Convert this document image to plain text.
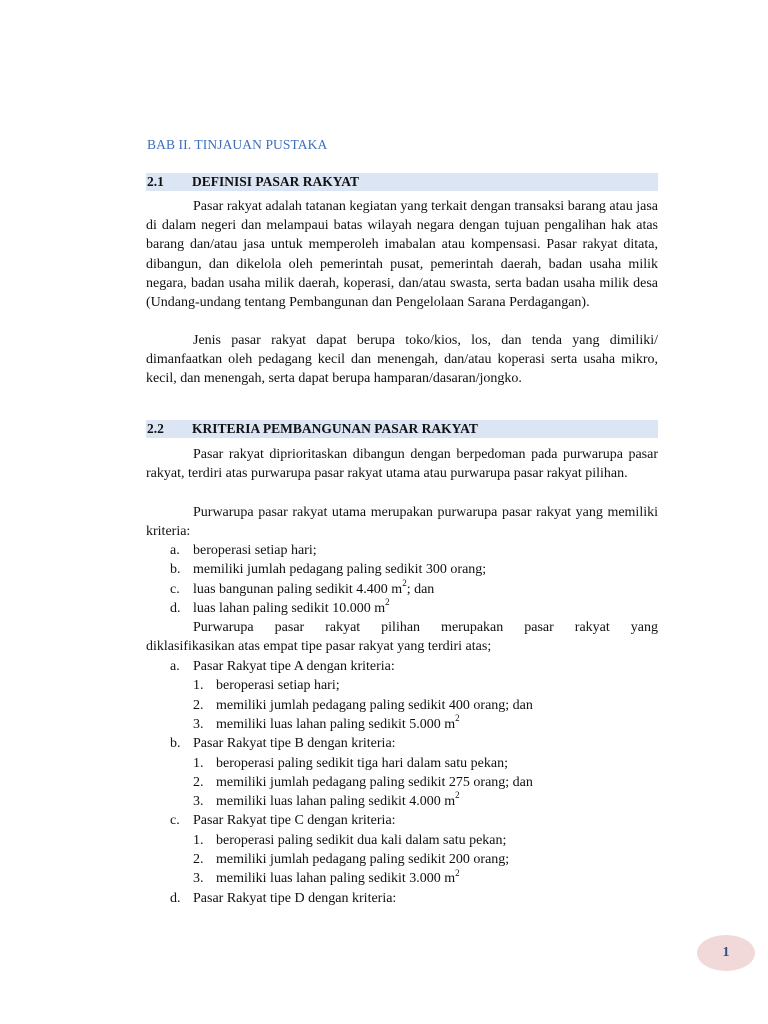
BAB II. TINJAUAN PUSTAKA
2.1 DEFINISI PASAR RAKYAT

Pasar rakyat adalah tatanan kegiatan yang terkait dengan transaksi barang atau jasa di dalam negeri dan melampaui batas wilayah negara dengan tujuan pengalihan hak atas barang dan/atau jasa untuk memperoleh imabalan atau kompensasi. Pasar rakyat ditata, dibangun, dan dikelola oleh pemerintah pusat, pemerintah daerah, badan usaha milik negara, badan usaha milik daerah, koperasi, dan/atau swasta, serta badan usaha milik desa (Undang-undang tentang Pembangunan dan Pengelolaan Sarana Perdagangan).

Jenis pasar rakyat dapat berupa toko/kios, los, dan tenda yang dimiliki/ dimanfaatkan oleh pedagang kecil dan menengah, dan/atau koperasi serta usaha mikro, kecil, dan menengah, serta dapat berupa hamparan/dasaran/jongko.

2.2 KRITERIA PEMBANGUNAN PASAR RAKYAT

Pasar rakyat diprioritaskan dibangun dengan berpedoman pada purwarupa pasar rakyat, terdiri atas purwarupa pasar rakyat utama atau purwarupa pasar rakyat pilihan.

Purwarupa pasar rakyat utama merupakan purwarupa pasar rakyat yang memiliki kriteria:

a. beroperasi setiap hari;
b. memiliki jumlah pedagang paling sedikit 300 orang;
c. luas bangunan paling sedikit 4.400 $m^2$; dan
d. luas lahan paling sedikit 10.000 $m^2$
Purwarupa pasar rakyat pilihan merupakan pasar rakyat yang
diklasifikasikan atas empat tipe pasar rakyat yang terdiri atas;
a. Pasar Rakyat tipe A dengan kriteria:
1. beroperasi setiap hari;
2. memiliki jumlah pedagang paling sedikit 400 orang; dan
3. memiliki luas lahan paling sedikit 5.000 $m^2$
b. Pasar Rakyat tipe B dengan kriteria:
1. beroperasi paling sedikit tiga hari dalam satu pekan;
2. memiliki jumlah pedagang paling sedikit 275 orang; dan
3. memiliki luas lahan paling sedikit 4.000 $m^2$
c. Pasar Rakyat tipe C dengan kriteria:
1. beroperasi paling sedikit dua kali dalam satu pekan;
2. memiliki jumlah pedagang paling sedikit 200 orang;
3. memiliki luas lahan paling sedikit 3.000 $m^2$
d. Pasar Rakyat tipe D dengan kriteria:
1
